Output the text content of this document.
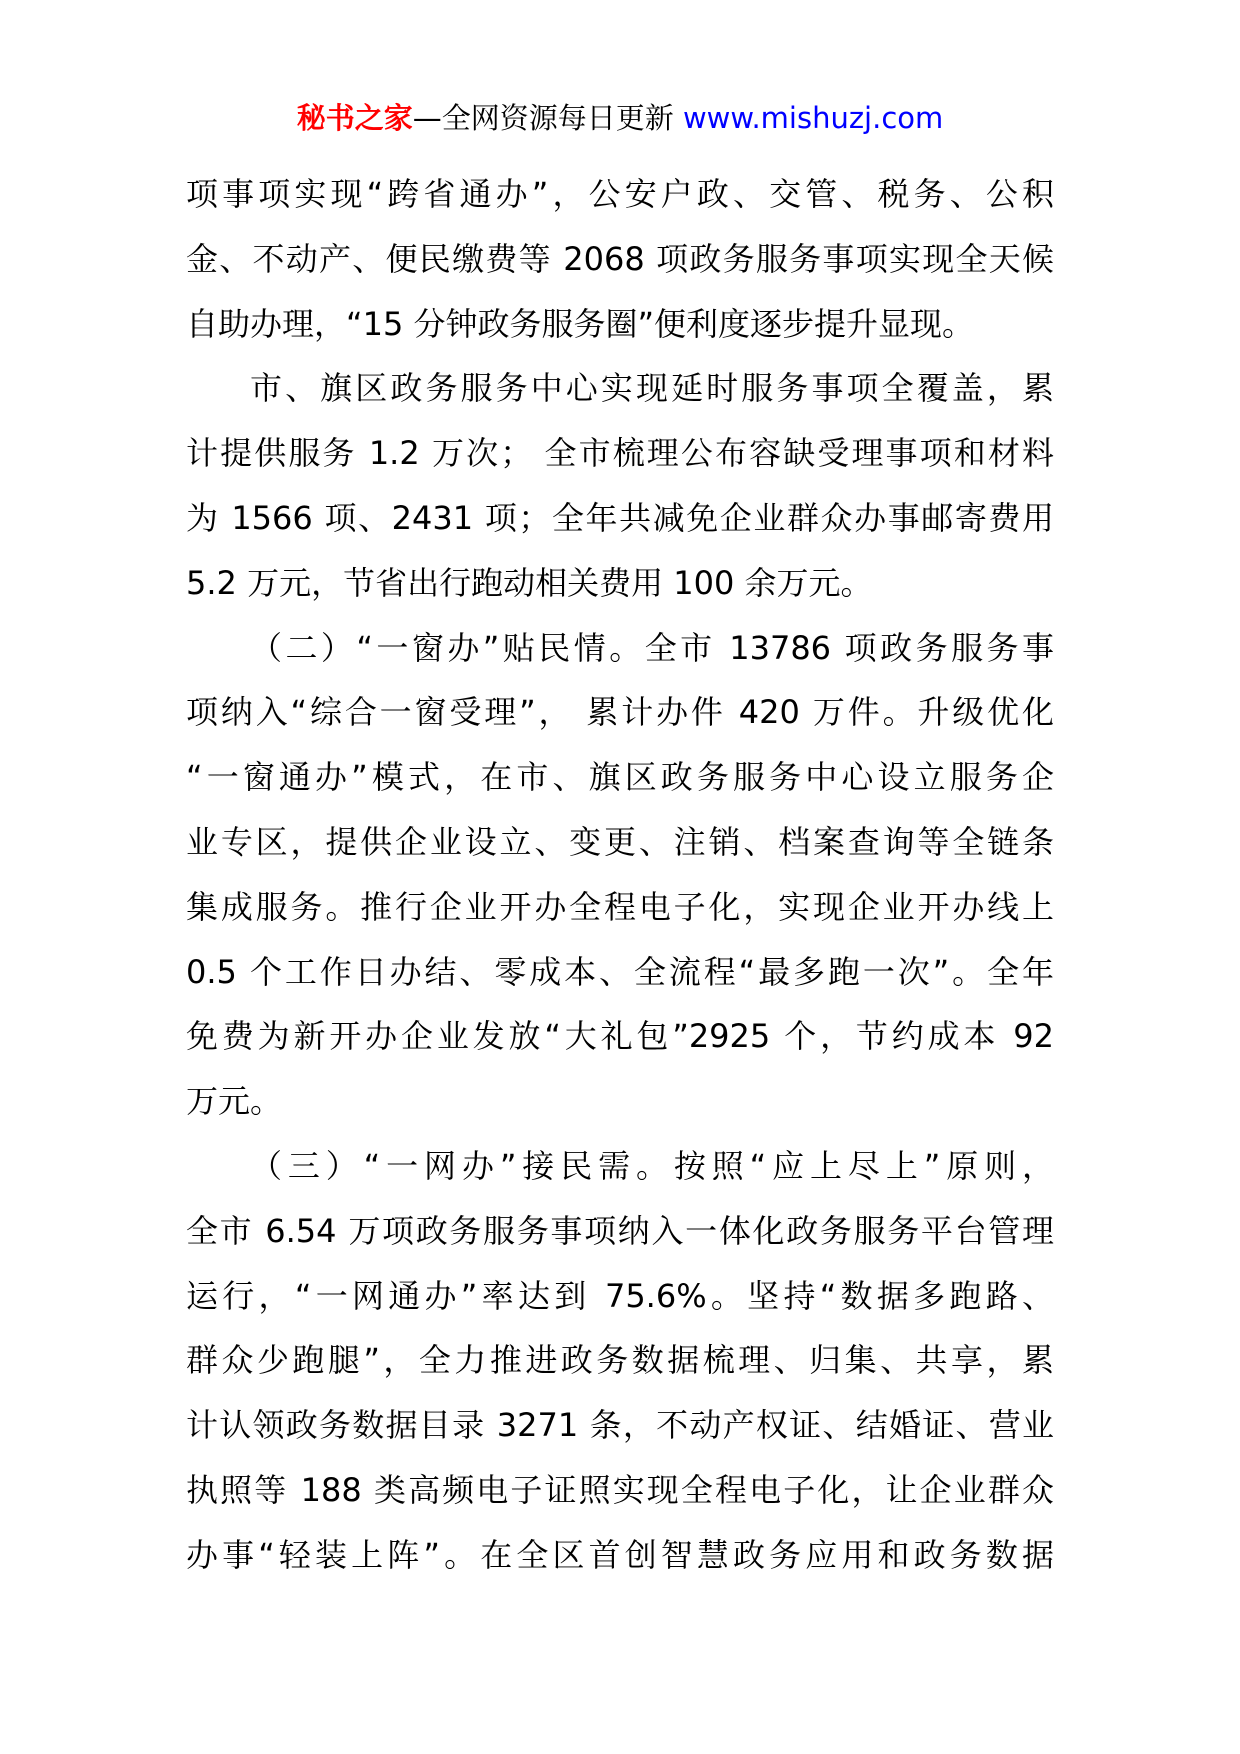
秘书之家—全网资源每日更新 www.mishuzj.com
项事项实现“跨省通办”，公安户政、交管、税务、公积
金、不动产、便民缴费等 2068 项政务服务事项实现全天候
自助办理，“15 分钟政务服务圈”便利度逐步提升显现。
市、旗区政务服务中心实现延时服务事项全覆盖，累
计提供服务 1.2 万次； 全市梳理公布容缺受理事项和材料
为 1566 项、2431 项；全年共减免企业群众办事邮寄费用
5.2 万元，节省出行跑动相关费用 100 余万元。
（二）“一窗办”贴民情。全市 13786 项政务服务事
项纳入“综合一窗受理”， 累计办件 420 万件。升级优化
“一窗通办”模式，在市、旗区政务服务中心设立服务企
业专区，提供企业设立、变更、注销、档案查询等全链条
集成服务。推行企业开办全程电子化，实现企业开办线上
0.5 个工作日办结、零成本、全流程“最多跑一次”。全年
免费为新开办企业发放“大礼包”2925 个，节约成本 92
万元。
（三）“一网办”接民需。按照“应上尽上”原则，
全市 6.54 万项政务服务事项纳入一体化政务服务平台管理
运行，“一网通办”率达到 75.6%。坚持“数据多跑路、
群众少跑腿”，全力推进政务数据梳理、归集、共享，累
计认领政务数据目录 3271 条，不动产权证、结婚证、营业
执照等 188 类高频电子证照实现全程电子化，让企业群众
办事“轻装上阵”。在全区首创智慧政务应用和政务数据
